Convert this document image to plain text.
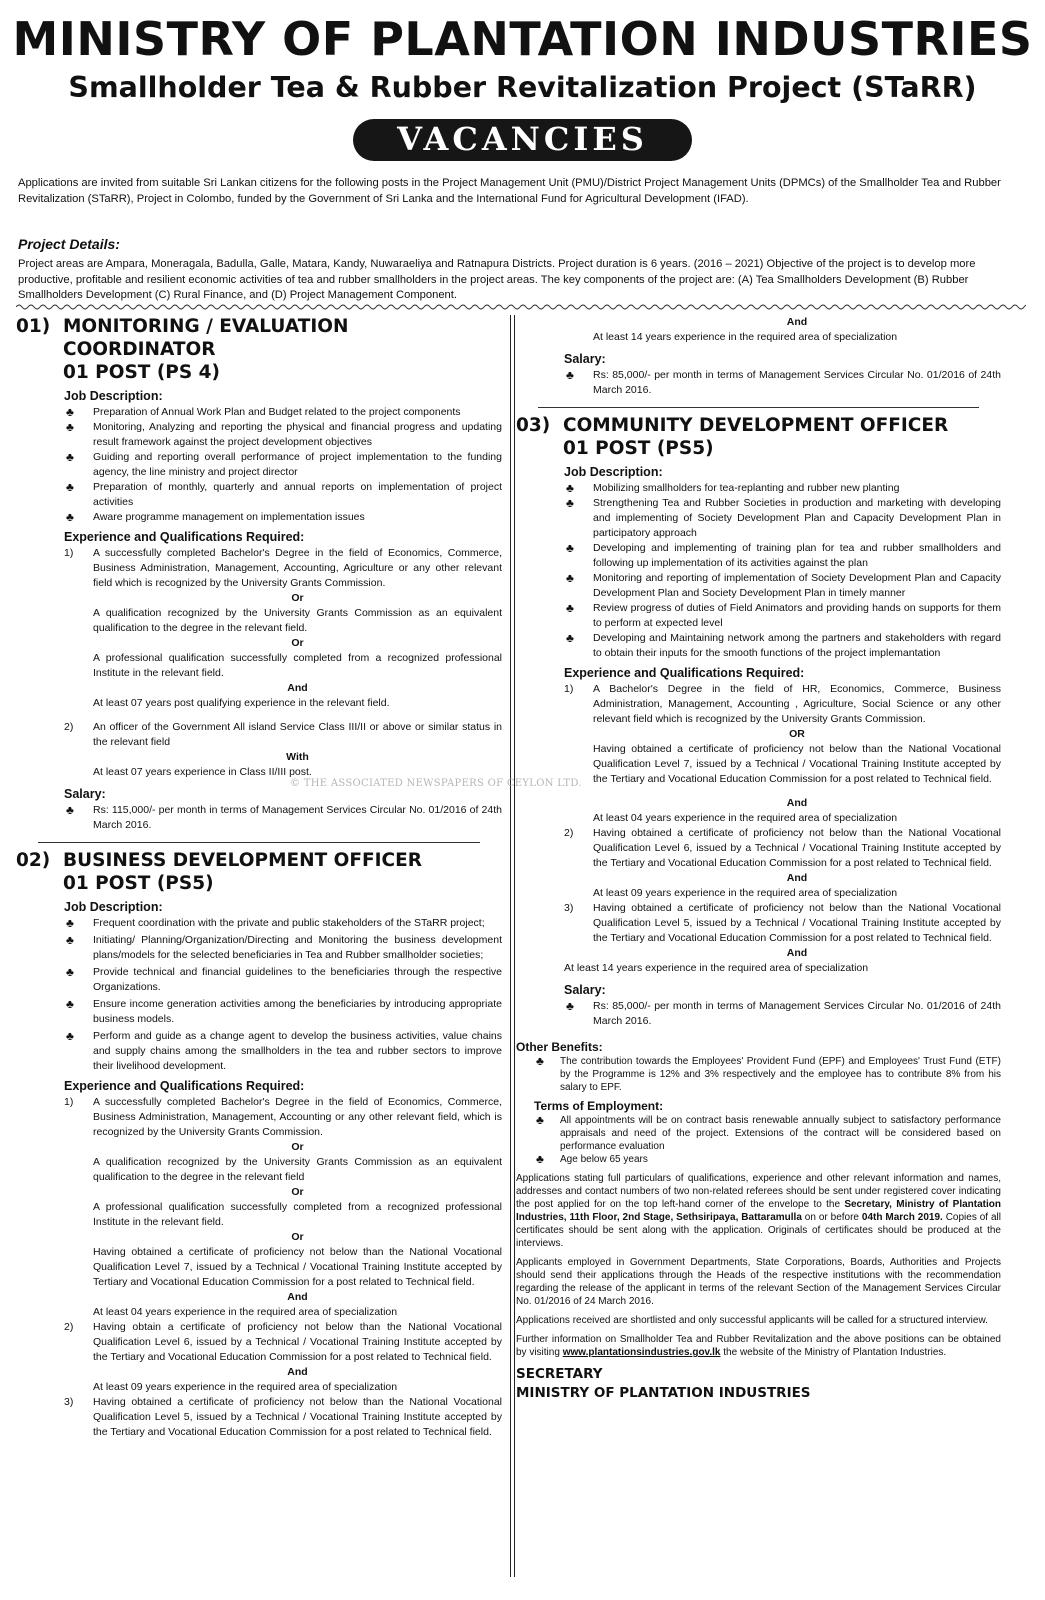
MINISTRY OF PLANTATION INDUSTRIES
Smallholder Tea & Rubber Revitalization Project (STaRR)
VACANCIES
Applications are invited from suitable Sri Lankan citizens for the following posts in the Project Management Unit (PMU)/District Project Management Units (DPMCs) of the Smallholder Tea and Rubber Revitalization (STaRR), Project in Colombo, funded by the Government of Sri Lanka and the International Fund for Agricultural Development (IFAD).
Project Details:
Project areas are Ampara, Moneragala, Badulla, Galle, Matara, Kandy, Nuwaraeliya and Ratnapura Districts. Project duration is 6 years. (2016 – 2021) Objective of the project is to develop more productive, profitable and resilient economic activities of tea and rubber smallholders in the project areas. The key components of the project are: (A) Tea Smallholders Development (B) Rubber Smallholders Development (C) Rural Finance, and (D) Project Management Component.
01) MONITORING / EVALUATION COORDINATOR
01 POST (PS 4)
Job Description:
♣ Preparation of Annual Work Plan and Budget related to the project components
♣ Monitoring, Analyzing and reporting the physical and financial progress and updating result framework against the project development objectives
♣ Guiding and reporting overall performance of project implementation to the funding agency, the line ministry and project director
♣ Preparation of monthly, quarterly and annual reports on implementation of project activities
♣ Aware programme management on implementation issues
Experience and Qualifications Required:
1) A successfully completed Bachelor's Degree in the field of Economics, Commerce, Business Administration, Management, Accounting, Agriculture or any other relevant field which is recognized by the University Grants Commission.
Or
A qualification recognized by the University Grants Commission as an equivalent qualification to the degree in the relevant field.
Or
A professional qualification successfully completed from a recognized professional Institute in the relevant field.
And
At least 07 years post qualifying experience in the relevant field.
2) An officer of the Government All island Service Class III/II or above or similar status in the relevant field
With
At least 07 years experience in Class II/III post.
Salary:
♣ Rs: 115,000/- per month in terms of Management Services Circular No. 01/2016 of 24th March 2016.
02) BUSINESS DEVELOPMENT OFFICER
01 POST (PS5)
Job Description:
♣ Frequent coordination with the private and public stakeholders of the STaRR project;
♣ Initiating/ Planning/Organization/Directing and Monitoring the business development plans/models for the selected beneficiaries in Tea and Rubber smallholder societies;
♣ Provide technical and financial guidelines to the beneficiaries through the respective Organizations.
♣ Ensure income generation activities among the beneficiaries by introducing appropriate business models.
♣ Perform and guide as a change agent to develop the business activities, value chains and supply chains among the smallholders in the tea and rubber sectors to improve their livelihood development.
Experience and Qualifications Required:
1) A successfully completed Bachelor's Degree in the field of Economics, Commerce, Business Administration, Management, Accounting or any other relevant field, which is recognized by the University Grants Commission.
Or
A qualification recognized by the University Grants Commission as an equivalent qualification to the degree in the relevant field
Or
A professional qualification successfully completed from a recognized professional Institute in the relevant field.
Or
Having obtained a certificate of proficiency not below than the National Vocational Qualification Level 7, issued by a Technical / Vocational Training Institute accepted by Tertiary and Vocational Education Commission for a post related to Technical field.
And
At least 04 years experience in the required area of specialization
2) Having obtain a certificate of proficiency not below than the National Vocational Qualification Level 6, issued by a Technical / Vocational Training Institute accepted by the Tertiary and Vocational Education Commission for a post related to Technical field.
And
At least 09 years experience in the required area of specialization
3) Having obtained a certificate of proficiency not below than the National Vocational Qualification Level 5, issued by a Technical / Vocational Training Institute accepted by the Tertiary and Vocational Education Commission for a post related to Technical field.
And
At least 14 years experience in the required area of specialization
Salary:
♣ Rs: 85,000/- per month in terms of Management Services Circular No. 01/2016 of 24th March 2016.
03) COMMUNITY DEVELOPMENT OFFICER
01 POST (PS5)
Job Description:
♣ Mobilizing smallholders for tea-replanting and rubber new planting
♣ Strengthening Tea and Rubber Societies in production and marketing with developing and implementing of Society Development Plan and Capacity Development Plan in participatory approach
♣ Developing and implementing of training plan for tea and rubber smallholders and following up implementation of its activities against the plan
♣ Monitoring and reporting of implementation of Society Development Plan and Capacity Development Plan and Society Development Plan in timely manner
♣ Review progress of duties of Field Animators and providing hands on supports for them to perform at expected level
♣ Developing and Maintaining network among the partners and stakeholders with regard to obtain their inputs for the smooth functions of the project implemantation
Experience and Qualifications Required:
1) A Bachelor's Degree in the field of HR, Economics, Commerce, Business Administration, Management, Accounting , Agriculture, Social Science or any other relevant field which is recognized by the University Grants Commission.
OR
Having obtained a certificate of proficiency not below than the National Vocational Qualification Level 7, issued by a Technical / Vocational Training Institute accepted by the Tertiary and Vocational Education Commission for a post related to Technical field.
And
At least 04 years experience in the required area of specialization
2) Having obtained a certificate of proficiency not below than the National Vocational Qualification Level 6, issued by a Technical / Vocational Training Institute accepted by the Tertiary and Vocational Education Commission for a post related to Technical field.
And
At least 09 years experience in the required area of specialization
3) Having obtained a certificate of proficiency not below than the National Vocational Qualification Level 5, issued by a Technical / Vocational Training Institute accepted by the Tertiary and Vocational Education Commission for a post related to Technical field.
And
At least 14 years experience in the required area of specialization
Salary:
♣ Rs: 85,000/- per month in terms of Management Services Circular No. 01/2016 of 24th March 2016.
Other Benefits:
♣ The contribution towards the Employees' Provident Fund (EPF) and Employees' Trust Fund (ETF) by the Programme is 12% and 3% respectively and the employee has to contribute 8% from his salary to EPF.
Terms of Employment:
♣ All appointments will be on contract basis renewable annually subject to satisfactory performance appraisals and need of the project. Extensions of the contract will be considered based on performance evaluation
♣ Age below 65 years
Applications stating full particulars of qualifications, experience and other relevant information and names, addresses and contact numbers of two non-related referees should be sent under registered cover indicating the post applied for on the top left-hand corner of the envelope to the Secretary, Ministry of Plantation Industries, 11th Floor, 2nd Stage, Sethsiripaya, Battaramulla on or before 04th March 2019. Copies of all certificates should be sent along with the application. Originals of certificates should be produced at the interviews.
Applicants employed in Government Departments, State Corporations, Boards, Authorities and Projects should send their applications through the Heads of the respective institutions with the recommendation regarding the release of the applicant in terms of the relevant Section of the Management Services Circular No. 01/2016 of 24 March 2016.
Applications received are shortlisted and only successful applicants will be called for a structured interview.
Further information on Smallholder Tea and Rubber Revitalization and the above positions can be obtained by visiting www.plantationsindustries.gov.lk the website of the Ministry of Plantation Industries.
SECRETARY
MINISTRY OF PLANTATION INDUSTRIES
© THE ASSOCIATED NEWSPAPERS OF CEYLON LTD.
